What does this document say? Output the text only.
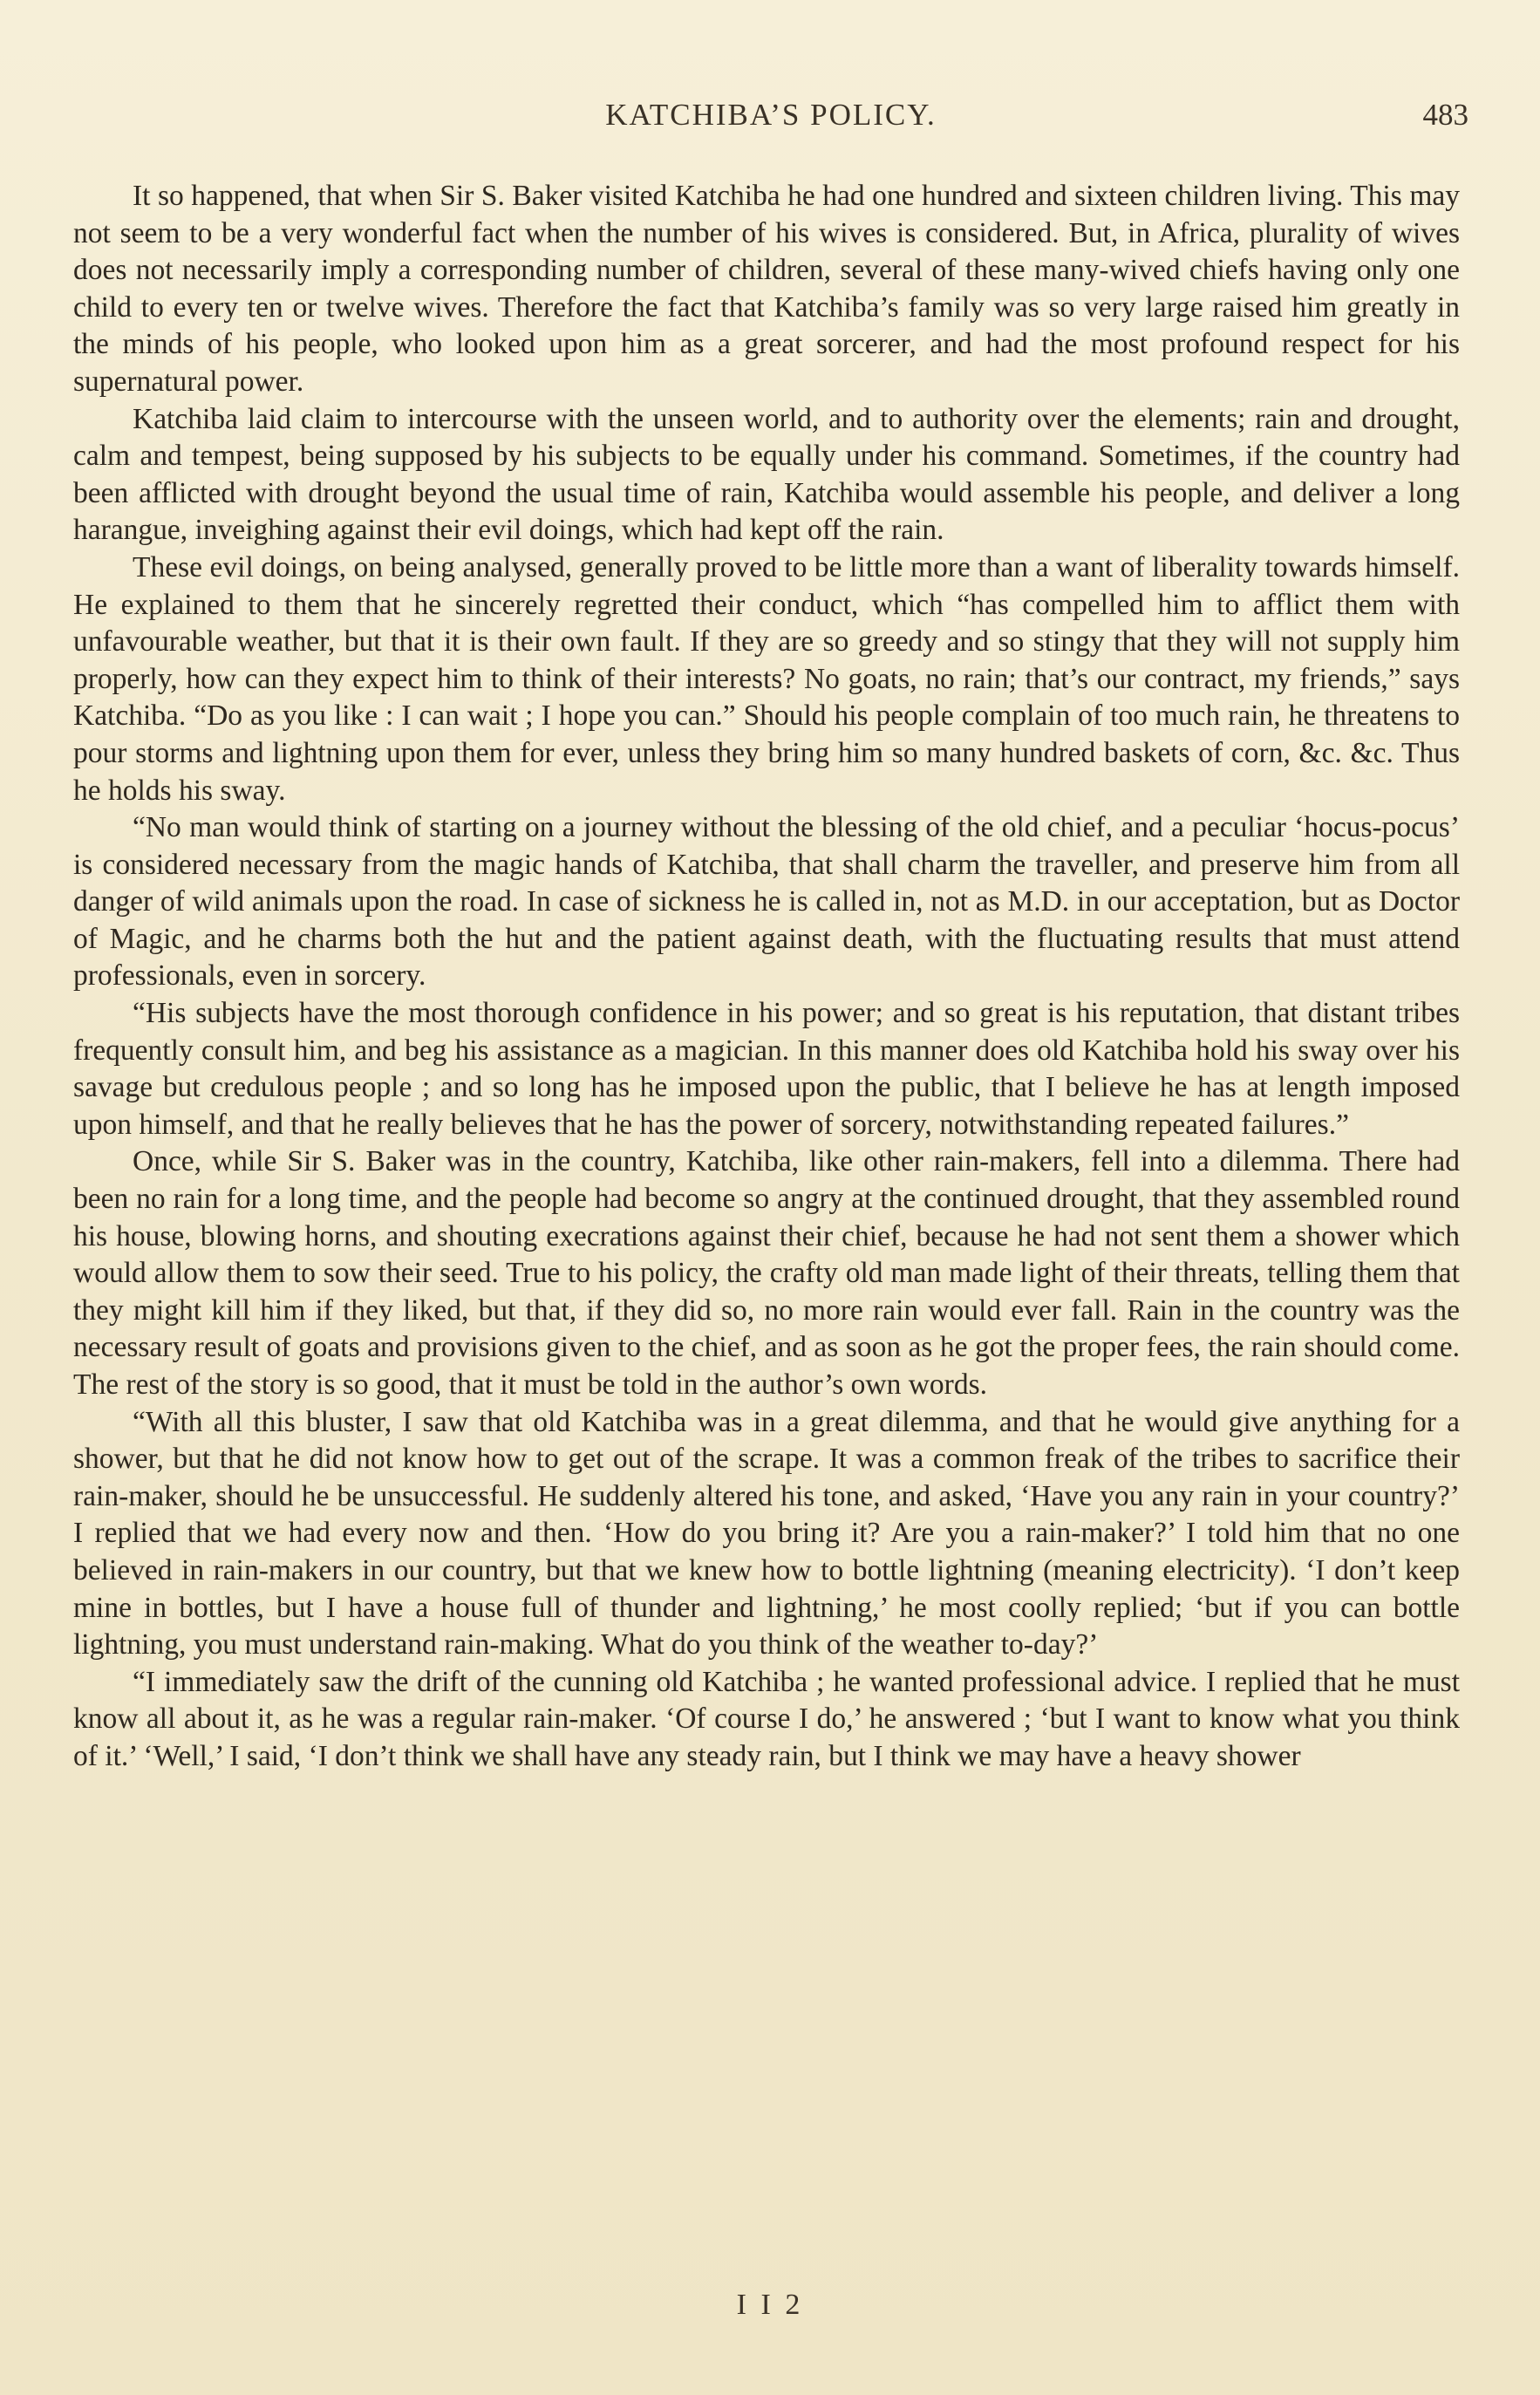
KATCHIBA’S POLICY.	483

It so happened, that when Sir S. Baker visited Katchiba he had one hundred and sixteen children living. This may not seem to be a very wonderful fact when the number of his wives is considered. But, in Africa, plurality of wives does not necessarily imply a corresponding number of children, several of these many-wived chiefs having only one child to every ten or twelve wives. Therefore the fact that Katchiba’s family was so very large raised him greatly in the minds of his people, who looked upon him as a great sorcerer, and had the most profound respect for his supernatural power.

Katchiba laid claim to intercourse with the unseen world, and to authority over the elements; rain and drought, calm and tempest, being supposed by his subjects to be equally under his command. Sometimes, if the country had been afflicted with drought beyond the usual time of rain, Katchiba would assemble his people, and deliver a long harangue, inveighing against their evil doings, which had kept off the rain.

These evil doings, on being analysed, generally proved to be little more than a want of liberality towards himself. He explained to them that he sincerely regretted their conduct, which “has compelled him to afflict them with unfavourable weather, but that it is their own fault. If they are so greedy and so stingy that they will not supply him properly, how can they expect him to think of their interests? No goats, no rain; that’s our contract, my friends,” says Katchiba. “Do as you like : I can wait ; I hope you can.” Should his people complain of too much rain, he threatens to pour storms and lightning upon them for ever, unless they bring him so many hundred baskets of corn, &c. &c. Thus he holds his sway.

“No man would think of starting on a journey without the blessing of the old chief, and a peculiar ‘hocus-pocus’ is considered necessary from the magic hands of Katchiba, that shall charm the traveller, and preserve him from all danger of wild animals upon the road. In case of sickness he is called in, not as M.D. in our acceptation, but as Doctor of Magic, and he charms both the hut and the patient against death, with the fluctuating results that must attend professionals, even in sorcery.

“His subjects have the most thorough confidence in his power; and so great is his reputation, that distant tribes frequently consult him, and beg his assistance as a magician. In this manner does old Katchiba hold his sway over his savage but credulous people ; and so long has he imposed upon the public, that I believe he has at length imposed upon himself, and that he really believes that he has the power of sorcery, notwithstanding repeated failures.”

Once, while Sir S. Baker was in the country, Katchiba, like other rain-makers, fell into a dilemma. There had been no rain for a long time, and the people had become so angry at the continued drought, that they assembled round his house, blowing horns, and shouting execrations against their chief, because he had not sent them a shower which would allow them to sow their seed. True to his policy, the crafty old man made light of their threats, telling them that they might kill him if they liked, but that, if they did so, no more rain would ever fall. Rain in the country was the necessary result of goats and provisions given to the chief, and as soon as he got the proper fees, the rain should come. The rest of the story is so good, that it must be told in the author’s own words.

“With all this bluster, I saw that old Katchiba was in a great dilemma, and that he would give anything for a shower, but that he did not know how to get out of the scrape. It was a common freak of the tribes to sacrifice their rain-maker, should he be unsuccessful. He suddenly altered his tone, and asked, ‘Have you any rain in your country?’ I replied that we had every now and then. ‘How do you bring it? Are you a rain-maker?’ I told him that no one believed in rain-makers in our country, but that we knew how to bottle lightning (meaning electricity). ‘I don’t keep mine in bottles, but I have a house full of thunder and lightning,’ he most coolly replied; ‘but if you can bottle lightning, you must understand rain-making. What do you think of the weather to-day?’

“I immediately saw the drift of the cunning old Katchiba ; he wanted professional advice. I replied that he must know all about it, as he was a regular rain-maker. ‘Of course I do,’ he answered ; ‘but I want to know what you think of it.’ ‘Well,’ I said, ‘I don’t think we shall have any steady rain, but I think we may have a heavy shower

I I 2
